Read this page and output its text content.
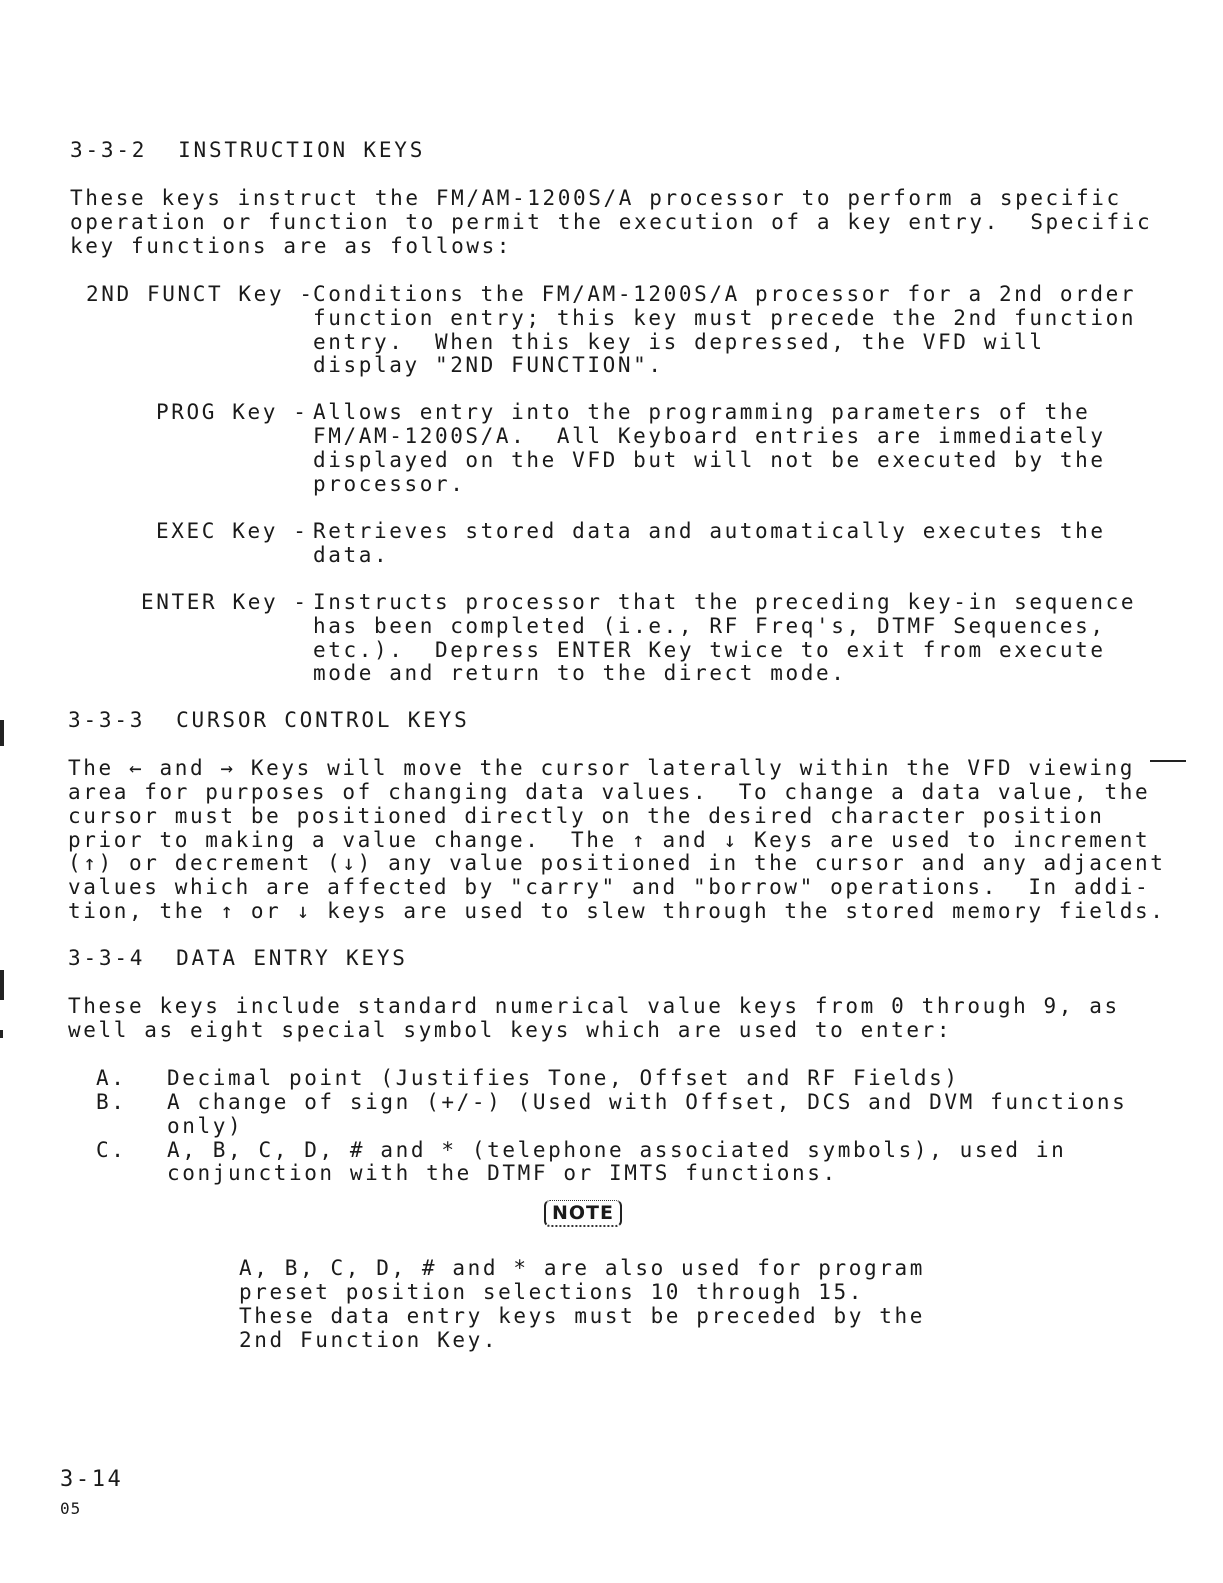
3-3-2  INSTRUCTION KEYS

These keys instruct the FM/AM-1200S/A processor to perform a specific

operation or function to permit the execution of a key entry.  Specific

key functions are as follows:

2ND FUNCT Key -

Conditions the FM/AM-1200S/A processor for a 2nd order

function entry; this key must precede the 2nd function

entry.  When this key is depressed, the VFD will

display "2ND FUNCTION".

PROG Key - Allows entry into the programming parameters of the

FM/AM-1200S/A.  All Keyboard entries are immediately

displayed on the VFD but will not be executed by the

processor.

EXEC Key - Retrieves stored data and automatically executes the

data.

ENTER Key - Instructs processor that the preceding key-in sequence

has been completed (i.e., RF Freq's, DTMF Sequences,

etc.).  Depress ENTER Key twice to exit from execute

mode and return to the direct mode.

3-3-3  CURSOR CONTROL KEYS

The ← and → Keys will move the cursor laterally within the VFD viewing

area for purposes of changing data values.  To change a data value, the

cursor must be positioned directly on the desired character position

prior to making a value change.  The ↑ and ↓ Keys are used to increment

(↑) or decrement (↓) any value positioned in the cursor and any adjacent

values which are affected by "carry" and "borrow" operations.  In addi-

tion, the ↑ or ↓ keys are used to slew through the stored memory fields.

3-3-4  DATA ENTRY KEYS

These keys include standard numerical value keys from 0 through 9, as

well as eight special symbol keys which are used to enter:

A. Decimal point (Justifies Tone, Offset and RF Fields)

B. A change of sign (+/-) (Used with Offset, DCS and DVM functions

only)

C. A, B, C, D, # and * (telephone associated symbols), used in

conjunction with the DTMF or IMTS functions.

NOTE

A, B, C, D, # and * are also used for program

preset position selections 10 through 15.

These data entry keys must be preceded by the

2nd Function Key.

3-14

05
